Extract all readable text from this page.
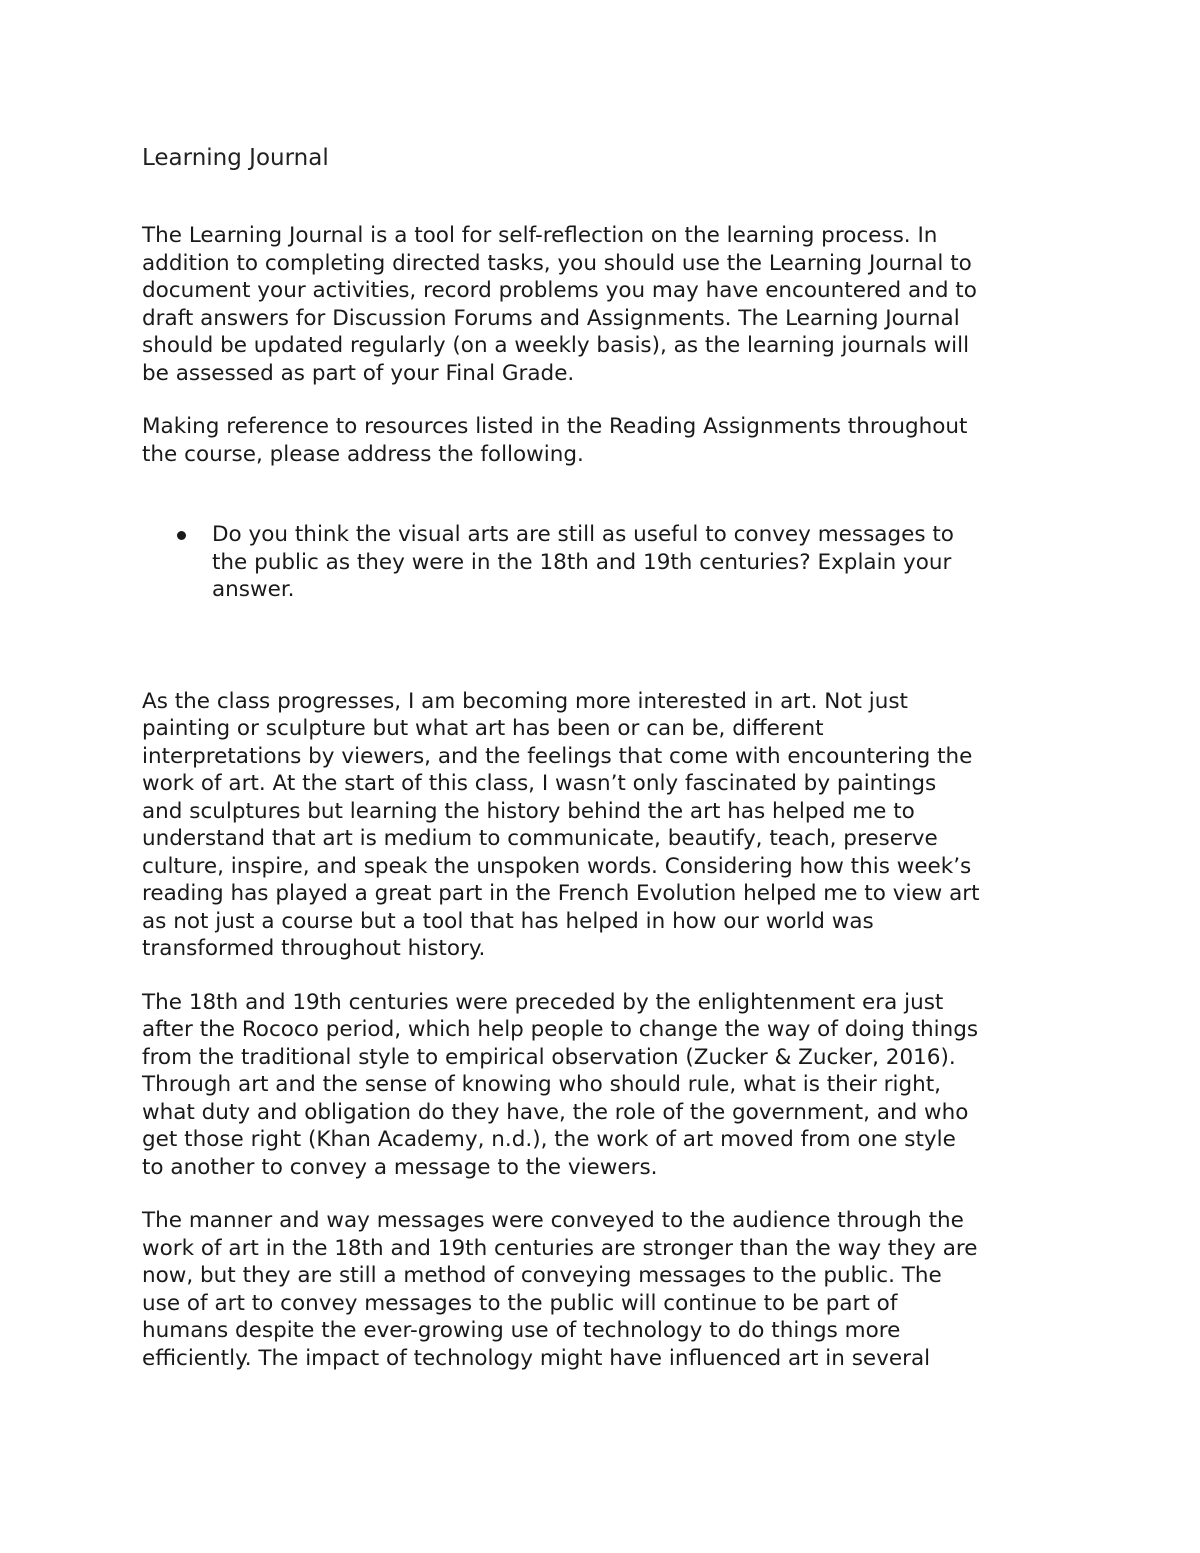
Learning Journal

The Learning Journal is a tool for self-reflection on the learning process. In
addition to completing directed tasks, you should use the Learning Journal to
document your activities, record problems you may have encountered and to
draft answers for Discussion Forums and Assignments. The Learning Journal
should be updated regularly (on a weekly basis), as the learning journals will
be assessed as part of your Final Grade.

Making reference to resources listed in the Reading Assignments throughout
the course, please address the following.

Do you think the visual arts are still as useful to convey messages to
the public as they were in the 18th and 19th centuries? Explain your
answer.

As the class progresses, I am becoming more interested in art. Not just
painting or sculpture but what art has been or can be, different
interpretations by viewers, and the feelings that come with encountering the
work of art. At the start of this class, I wasn’t only fascinated by paintings
and sculptures but learning the history behind the art has helped me to
understand that art is medium to communicate, beautify, teach, preserve
culture, inspire, and speak the unspoken words. Considering how this week’s
reading has played a great part in the French Evolution helped me to view art
as not just a course but a tool that has helped in how our world was
transformed throughout history.

The 18th and 19th centuries were preceded by the enlightenment era just
after the Rococo period, which help people to change the way of doing things
from the traditional style to empirical observation (Zucker & Zucker, 2016).
Through art and the sense of knowing who should rule, what is their right,
what duty and obligation do they have, the role of the government, and who
get those right (Khan Academy, n.d.), the work of art moved from one style
to another to convey a message to the viewers.

The manner and way messages were conveyed to the audience through the
work of art in the 18th and 19th centuries are stronger than the way they are
now, but they are still a method of conveying messages to the public. The
use of art to convey messages to the public will continue to be part of
humans despite the ever-growing use of technology to do things more
efficiently. The impact of technology might have influenced art in several
